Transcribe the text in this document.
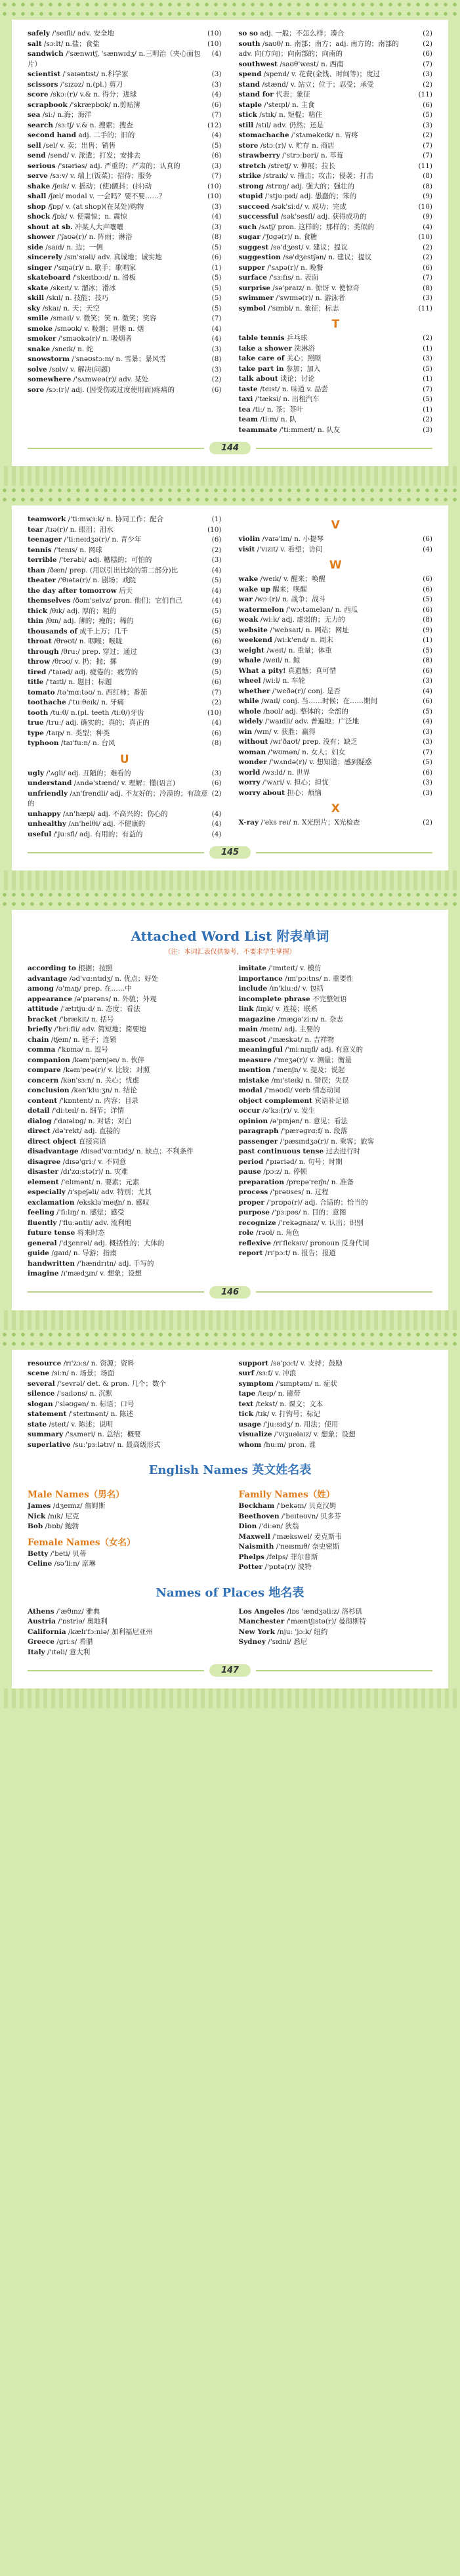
safely /'seɪfli/ adv. 安全地	(10)
salt /sɔːlt/ n.盐；食盐	(10)
sandwich /'sænwɪtʃ, 'sænwɪdʒ/ n.三明治（夹心面包片）
(4)
scientist /'saɪəntɪst/ n.科学家	(3)
scissors /'sɪzəz/ n.(pl.) 剪刀	(3)
score /skɔː(r)/ v.& n. 得分；进球	(4)
scrapbook /'skræpbʊk/ n.剪贴簿	(6)
sea /siː/ n.海；海洋	(7)
search /sɜːtʃ/ v.& n. 搜索；搜查	(12)
second hand adj. 二手的；旧的	(4)
sell /sel/ v. 卖；出售；销售	(5)
send /send/ v. 派遣；打发；安排去	(6)
serious /'sɪəriəs/ adj. 严重的；严肃的；认真的	(3)
serve /sɜːv/ v. 端上(饭菜)；招待；服务	(7)
shake /ʃeɪk/ v. 摇动；(使)颤抖；(抖)动	(10)
shall /ʃæl/ modal v. 一会吗？要不要……？	(10)
shop /ʃɒp/ v. (at shop)(在某处)购物	(3)
shock /ʃɒk/ v. 使震惊；n. 震惊	(4)
shout at sb. 冲某人大声嚷嚷	(3)
shower /'ʃaʊə(r)/ n. 阵雨；淋浴	(8)
side /saɪd/ n. 边；一侧	(5)
sincerely /sɪn'sɪəli/ adv. 真诚地；诚实地	(6)
singer /'sɪŋə(r)/ n. 歌手；歌唱家	(1)
skateboard /'skeɪtbɔːd/ n. 滑板	(5)
skate /skeɪt/ v. 溜冰；滑冰	(5)
skill /skɪl/ n. 技能；技巧	(5)
sky /skaɪ/ n. 天；天空	(5)
smile /smaɪl/ v. 微笑；笑 n. 微笑；笑容	(7)
smoke /sməʊk/ v. 吸烟；冒烟 n. 烟	(4)
smoker /'sməʊkə(r)/ n. 吸烟者	(4)
snake /sneɪk/ n. 蛇	(3)
snowstorm /'snəʊstɔːm/ n. 雪暴；暴风雪	(8)
solve /sɒlv/ v. 解决(问题)	(3)
somewhere /'sʌmweə(r)/ adv. 某处	(2)
sore /sɔː(r)/ adj. (因受伤或过度使用而)疼痛的	(6)
so so adj. 一般；不怎么样；凑合	(2)
south /saʊθ/ n. 南部；南方；adj. 南方的；南部的	(2)
adv. 向(方向)；向南部的；向南的	(6)
southwest /saʊθ'west/ n. 西南	(7)
spend /spend/ v. 花费(金钱、时间等)；度过	(3)
stand /stænd/ v. 站立；位于；忍受；承受	(2)
stand for 代表；象征	(11)
staple /'steɪpl/ n. 主食	(6)
stick /stɪk/ n. 短棍；粘住	(5)
still /stɪl/ adv. 仍然；还是	(3)
stomachache /'stʌməkeɪk/ n. 胃疼	(2)
store /stɔː(r)/ v. 贮存 n. 商店	(7)
strawberry /'strɔːbəri/ n. 草莓	(7)
stretch /stretʃ/ v. 伸展；拉长	(11)
strike /straɪk/ v. 撞击；攻击；侵袭；打击	(8)
strong /strɒŋ/ adj. 强大的；强壮的	(8)
stupid /'stjuːpɪd/ adj. 愚蠢的；笨的	(9)
succeed /sək'siːd/ v. 成功；完成	(10)
successful /sək'sesfl/ adj. 获得成功的	(9)
such /sʌtʃ/ pron. 这样的；那样的；类似的	(4)
sugar /'ʃʊɡə(r)/ n. 食糖	(10)
suggest /sə'dʒest/ v. 建议；提议	(2)
suggestion /sə'dʒestʃən/ n. 建议；提议	(2)
supper /'sʌpə(r)/ n. 晚餐	(6)
surface /'sɜːfɪs/ n. 表面	(7)
surprise /sə'praɪz/ n. 惊讶 v. 使惊奇	(8)
swimmer /'swɪmə(r)/ n. 游泳者	(3)
symbol /'sɪmbl/ n. 象征；标志	(11)
T
table tennis 乒乓球	(2)
take a shower 洗淋浴	(1)
take care of 关心；照顾	(3)
take part in 参加；加入	(5)
talk about 谈论；讨论	(1)
taste /teɪst/ n. 味道 v. 品尝	(7)
taxi /'tæksi/ n. 出租汽车	(5)
tea /tiː/ n. 茶；茶叶	(1)
team /tiːm/ n. 队	(2)
teammate /'tiːmmeɪt/ n. 队友	(3)
144
teamwork /'tiːmwɜːk/ n. 协同工作；配合	(1)
tear /tɪə(r)/ n. 眼泪；泪水	(10)
teenager /'tiːneɪdʒə(r)/ n. 青少年	(6)
tennis /'tenɪs/ n. 网球	(2)
terrible /'terəbl/ adj. 糟糕的；可怕的	(3)
than /ðæn/ prep. (用以引出比较的第二部分)比	(4)
theater /'θɪətə(r)/ n. 剧场；戏院	(5)
the day after tomorrow 后天	(4)
themselves /ðəm'selvz/ pron. 他们；它们自己	(4)
thick /θɪk/ adj. 厚的；粗的	(5)
thin /θɪn/ adj. 薄的；瘦的；稀的	(6)
thousands of 成千上万；几千	(5)
throat /θrəʊt/ n. 咽喉；喉咙	(6)
through /θruː/ prep. 穿过；通过	(3)
throw /θrəʊ/ v. 扔；抛；掷	(9)
tired /'taɪəd/ adj. 疲倦的；疲劳的	(5)
title /'taɪtl/ n. 题目；标题	(6)
tomato /tə'mɑːtəʊ/ n. 西红柿；番茄	(7)
toothache /'tuːθeɪk/ n. 牙痛	(2)
tooth /tuːθ/ n.(pl. teeth /tiːθ/)牙齿	(10)
true /truː/ adj. 确实的；真的；真正的	(4)
type /taɪp/ n. 类型；种类	(6)
typhoon /taɪ'fuːn/ n. 台风	(8)
U
ugly /'ʌɡli/ adj. 丑陋的；难看的	(3)
understand /ʌndə'stænd/ v. 理解；懂(语言)	(6)
unfriendly /ʌn'frendli/ adj. 不友好的；冷漠的；有敌意的
(2)
unhappy /ʌn'hæpi/ adj. 不高兴的；伤心的	(4)
unhealthy /ʌn'helθi/ adj. 不健康的	(4)
useful /'juːsfl/ adj. 有用的；有益的	(4)
V
violin /vaɪə'lɪn/ n. 小提琴	(6)
visit /'vɪzɪt/ v. 看望；访问	(4)
W
wake /weɪk/ v. 醒来；唤醒	(6)
wake up 醒来；唤醒	(6)
war /wɔː(r)/ n. 战争；战斗	(5)
watermelon /'wɔːtəmelən/ n. 西瓜	(6)
weak /wiːk/ adj. 虚弱的；无力的	(8)
website /'websaɪt/ n. 网站；网址	(9)
weekend /wiːk'end/ n. 周末	(1)
weight /weɪt/ n. 重量；体重	(5)
whale /weɪl/ n. 鲸	(8)
What a pity! 真遗憾；真可惜	(6)
wheel /wiːl/ n. 车轮	(3)
whether /'weðə(r)/ conj. 是否	(4)
while /waɪl/ conj. 当……时候；在……期间	(6)
whole /həʊl/ adj. 整体的；全部的	(5)
widely /'waɪdli/ adv. 普遍地；广泛地	(4)
win /wɪn/ v. 获胜；赢得	(3)
without /wɪ'ðaʊt/ prep. 没有；缺乏	(3)
woman /'wʊmən/ n. 女人；妇女	(7)
wonder /'wʌndə(r)/ v. 想知道；感到疑惑	(5)
world /wɜːld/ n. 世界	(6)
worry /'wʌri/ v. 担心；担忧	(3)
worry about 担心；烦恼	(3)
X
X-ray /'eks reɪ/ n. X光照片；X光检查	(2)
145
Attached Word List 附表单词
（注：本词汇表仅供参考，不要求学生掌握）
according to 根据；按照
advantage /əd'vɑːntɪdʒ/ n. 优点；好处
among /ə'mʌŋ/ prep. 在……中
appearance /ə'pɪərəns/ n. 外貌；外观
attitude /'ætɪtjuːd/ n. 态度；看法
bracket /'brækɪt/ n. 括号
briefly /'briːfli/ adv. 简短地；简要地
chain /tʃeɪn/ n. 链子；连锁
comma /'kɒmə/ n. 逗号
companion /kəm'pænjən/ n. 伙伴
compare /kəm'peə(r)/ v. 比较；对照
concern /kən'sɜːn/ n. 关心；忧虑
conclusion /kən'kluːʒn/ n. 结论
content /'kɒntent/ n. 内容；目录
detail /'diːteɪl/ n. 细节；详情
dialog /'daɪəlɒɡ/ n. 对话；对白
direct /də'rekt/ adj. 直接的
direct object 直接宾语
disadvantage /dɪsəd'vɑːntɪdʒ/ n. 缺点；不利条件
disagree /dɪsə'ɡriː/ v. 不同意
disaster /dɪ'zɑːstə(r)/ n. 灾难
element /'elɪmənt/ n. 要素；元素
especially /ɪ'speʃəli/ adv. 特别；尤其
exclamation /ekskləˈmeɪʃn/ n. 感叹
feeling /'fiːlɪŋ/ n. 感觉；感受
fluently /'fluːəntli/ adv. 流利地
future tense 将来时态
general /'dʒenrəl/ adj. 概括性的；大体的
guide /ɡaɪd/ n. 导游；指南
handwritten /'hændrɪtn/ adj. 手写的
imagine /ɪ'mædʒɪn/ v. 想象；设想
imitate /'ɪmɪteɪt/ v. 模仿
importance /ɪm'pɔːtns/ n. 重要性
include /ɪn'kluːd/ v. 包括
incomplete phrase 不完整短语
link /lɪŋk/ v. 连接；联系
magazine /mæɡə'ziːn/ n. 杂志
main /meɪn/ adj. 主要的
mascot /'mæskət/ n. 吉祥物
meaningful /'miːnɪŋfl/ adj. 有意义的
measure /'meʒə(r)/ v. 测量；衡量
mention /'menʃn/ v. 提及；说起
mistake /mɪ'steɪk/ n. 错误；失误
modal /'məʊdl/ verb 情态动词
object complement 宾语补足语
occur /ə'kɜː(r)/ v. 发生
opinion /ə'pɪnjən/ n. 意见；看法
paragraph /'pærəɡrɑːf/ n. 段落
passenger /'pæsɪndʒə(r)/ n. 乘客；旅客
past continuous tense 过去进行时
period /'pɪəriəd/ n. 句号；时期
pause /pɔːz/ n. 停顿
preparation /prepə'reɪʃn/ n. 准备
process /'prəʊses/ n. 过程
proper /'prɒpə(r)/ adj. 合适的；恰当的
purpose /'pɜːpəs/ n. 目的；意图
recognize /'rekəɡnaɪz/ v. 认出；识别
role /rəʊl/ n. 角色
reflexive /rɪ'fleksɪv/ pronoun 反身代词
report /rɪ'pɔːt/ n. 报告；报道
146
resource /rɪ'zɔːs/ n. 资源；资料
scene /siːn/ n. 场景；场面
several /'sevrəl/ det. & pron. 几个；数个
silence /'saɪləns/ n. 沉默
slogan /'sləʊɡən/ n. 标语；口号
statement /'steɪtmənt/ n. 陈述
state /steɪt/ v. 陈述；说明
summary /'sʌməri/ n. 总结；概要
superlative /suː'pɜːlətɪv/ n. 最高级形式
support /sə'pɔːt/ v. 支持；鼓励
surf /sɜːf/ v. 冲浪
symptom /'sɪmptəm/ n. 症状
tape /teɪp/ n. 磁带
text /tekst/ n. 课文；文本
tick /tɪk/ v. 打钩号；标记
usage /'juːsɪdʒ/ n. 用法；使用
visualize /'vɪʒuəlaɪz/ v. 想象；设想
whom /huːm/ pron. 谁
English Names 英文姓名表
Male Names（男名）
James /dʒeɪmz/ 詹姆斯
Nick /nɪk/ 尼克
Bob /bɒb/ 鲍勃
Female Names（女名）
Betty /'beti/ 贝蒂
Celine /sə'liːn/ 席琳
Family Names（姓）
Beckham /'bekəm/ 贝克汉姆
Beethoven /'beɪtəʊvn/ 贝多芬
Dion /'diːən/ 狄翁
Maxwell /'mækswel/ 麦克斯韦
Naismith /'neɪsmɪθ/ 奈史密斯
Phelps /felps/ 菲尔普斯
Potter /'pɒtə(r)/ 波特
Names of Places 地名表
Athens /'æθɪnz/ 雅典
Austria /'ɒstriə/ 奥地利
California /kælɪ'fɔːniə/ 加利福尼亚州
Greece /ɡriːs/ 希腊
Italy /'ɪtəli/ 意大利
Los Angeles /lɒs 'ændʒəliːz/ 洛杉矶
Manchester /'mæntʃɪstə(r)/ 曼彻斯特
New York /njuː 'jɔːk/ 纽约
Sydney /'sɪdni/ 悉尼
147
